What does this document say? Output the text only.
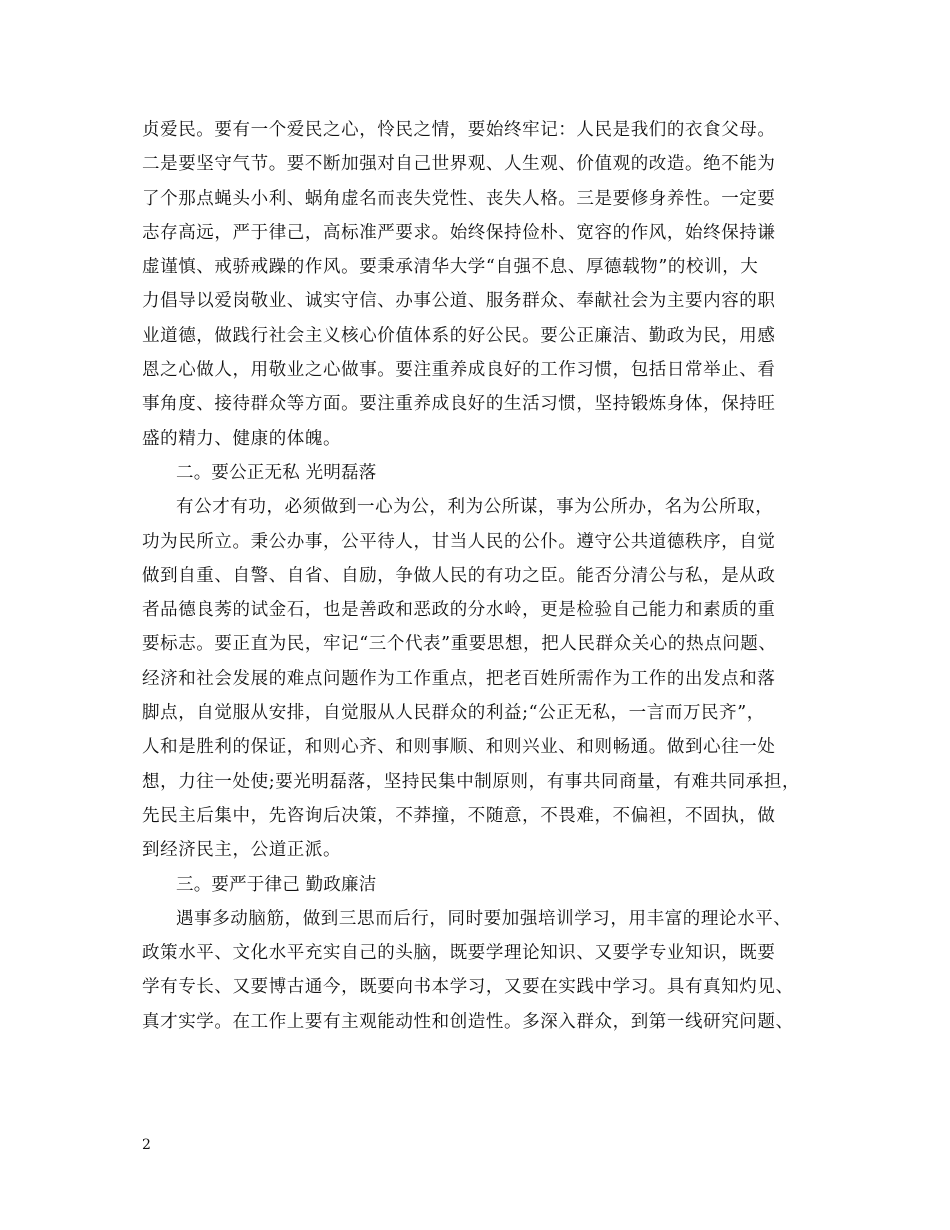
贞爱民。要有一个爱民之心，怜民之情，要始终牢记：人民是我们的衣食父母。
二是要坚守气节。要不断加强对自己世界观、人生观、价值观的改造。绝不能为
了个那点蝇头小利、蜗角虚名而丧失党性、丧失人格。三是要修身养性。一定要
志存高远，严于律己，高标准严要求。始终保持俭朴、宽容的作风，始终保持谦
虚谨慎、戒骄戒躁的作风。要秉承清华大学“自强不息、厚德载物”的校训，大
力倡导以爱岗敬业、诚实守信、办事公道、服务群众、奉献社会为主要内容的职
业道德，做践行社会主义核心价值体系的好公民。要公正廉洁、勤政为民，用感
恩之心做人，用敬业之心做事。要注重养成良好的工作习惯，包括日常举止、看
事角度、接待群众等方面。要注重养成良好的生活习惯，坚持锻炼身体，保持旺
盛的精力、健康的体魄。
二。要公正无私 光明磊落
有公才有功，必须做到一心为公，利为公所谋，事为公所办，名为公所取，
功为民所立。秉公办事，公平待人，甘当人民的公仆。遵守公共道德秩序，自觉
做到自重、自警、自省、自励，争做人民的有功之臣。能否分清公与私，是从政
者品德良莠的试金石，也是善政和恶政的分水岭，更是检验自己能力和素质的重
要标志。要正直为民，牢记“三个代表”重要思想，把人民群众关心的热点问题、
经济和社会发展的难点问题作为工作重点，把老百姓所需作为工作的出发点和落
脚点，自觉服从安排，自觉服从人民群众的利益;“公正无私，一言而万民齐”，
人和是胜利的保证，和则心齐、和则事顺、和则兴业、和则畅通。做到心往一处
想，力往一处使;要光明磊落，坚持民集中制原则，有事共同商量，有难共同承担，
先民主后集中，先咨询后决策，不莽撞，不随意，不畏难，不偏袒，不固执，做
到经济民主，公道正派。
三。要严于律己 勤政廉洁
遇事多动脑筋，做到三思而后行，同时要加强培训学习，用丰富的理论水平、
政策水平、文化水平充实自己的头脑，既要学理论知识、又要学专业知识，既要
学有专长、又要博古通今，既要向书本学习，又要在实践中学习。具有真知灼见、
真才实学。在工作上要有主观能动性和创造性。多深入群众，到第一线研究问题、
2
